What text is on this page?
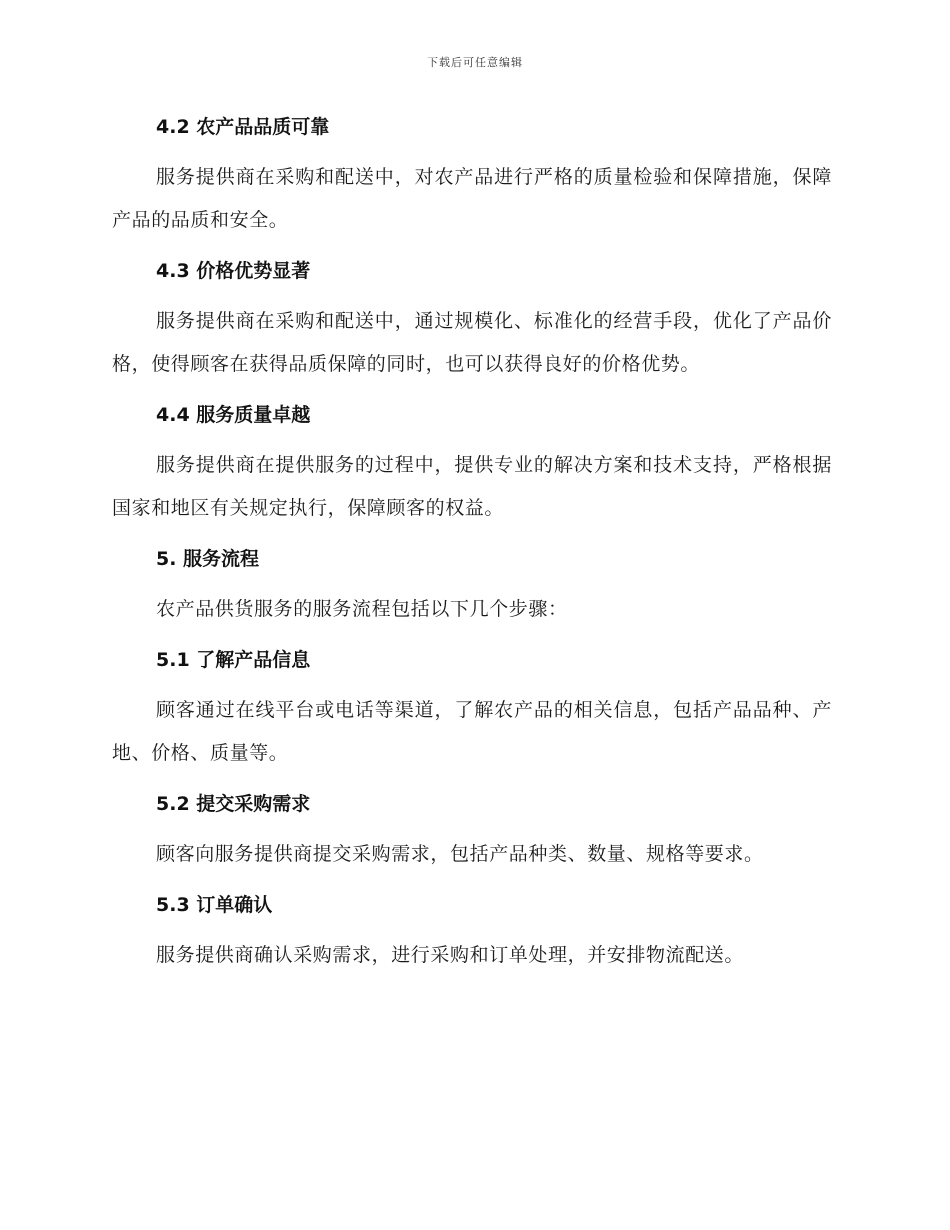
下载后可任意编辑
4.2 农产品品质可靠

服务提供商在采购和配送中，对农产品进行严格的质量检验和保障措施，保障产品的品质和安全。

4.3 价格优势显著

服务提供商在采购和配送中，通过规模化、标准化的经营手段，优化了产品价格，使得顾客在获得品质保障的同时，也可以获得良好的价格优势。

4.4 服务质量卓越

服务提供商在提供服务的过程中，提供专业的解决方案和技术支持，严格根据国家和地区有关规定执行，保障顾客的权益。

5. 服务流程

农产品供货服务的服务流程包括以下几个步骤：

5.1 了解产品信息

顾客通过在线平台或电话等渠道，了解农产品的相关信息，包括产品品种、产地、价格、质量等。

5.2 提交采购需求

顾客向服务提供商提交采购需求，包括产品种类、数量、规格等要求。

5.3 订单确认

服务提供商确认采购需求，进行采购和订单处理，并安排物流配送。
